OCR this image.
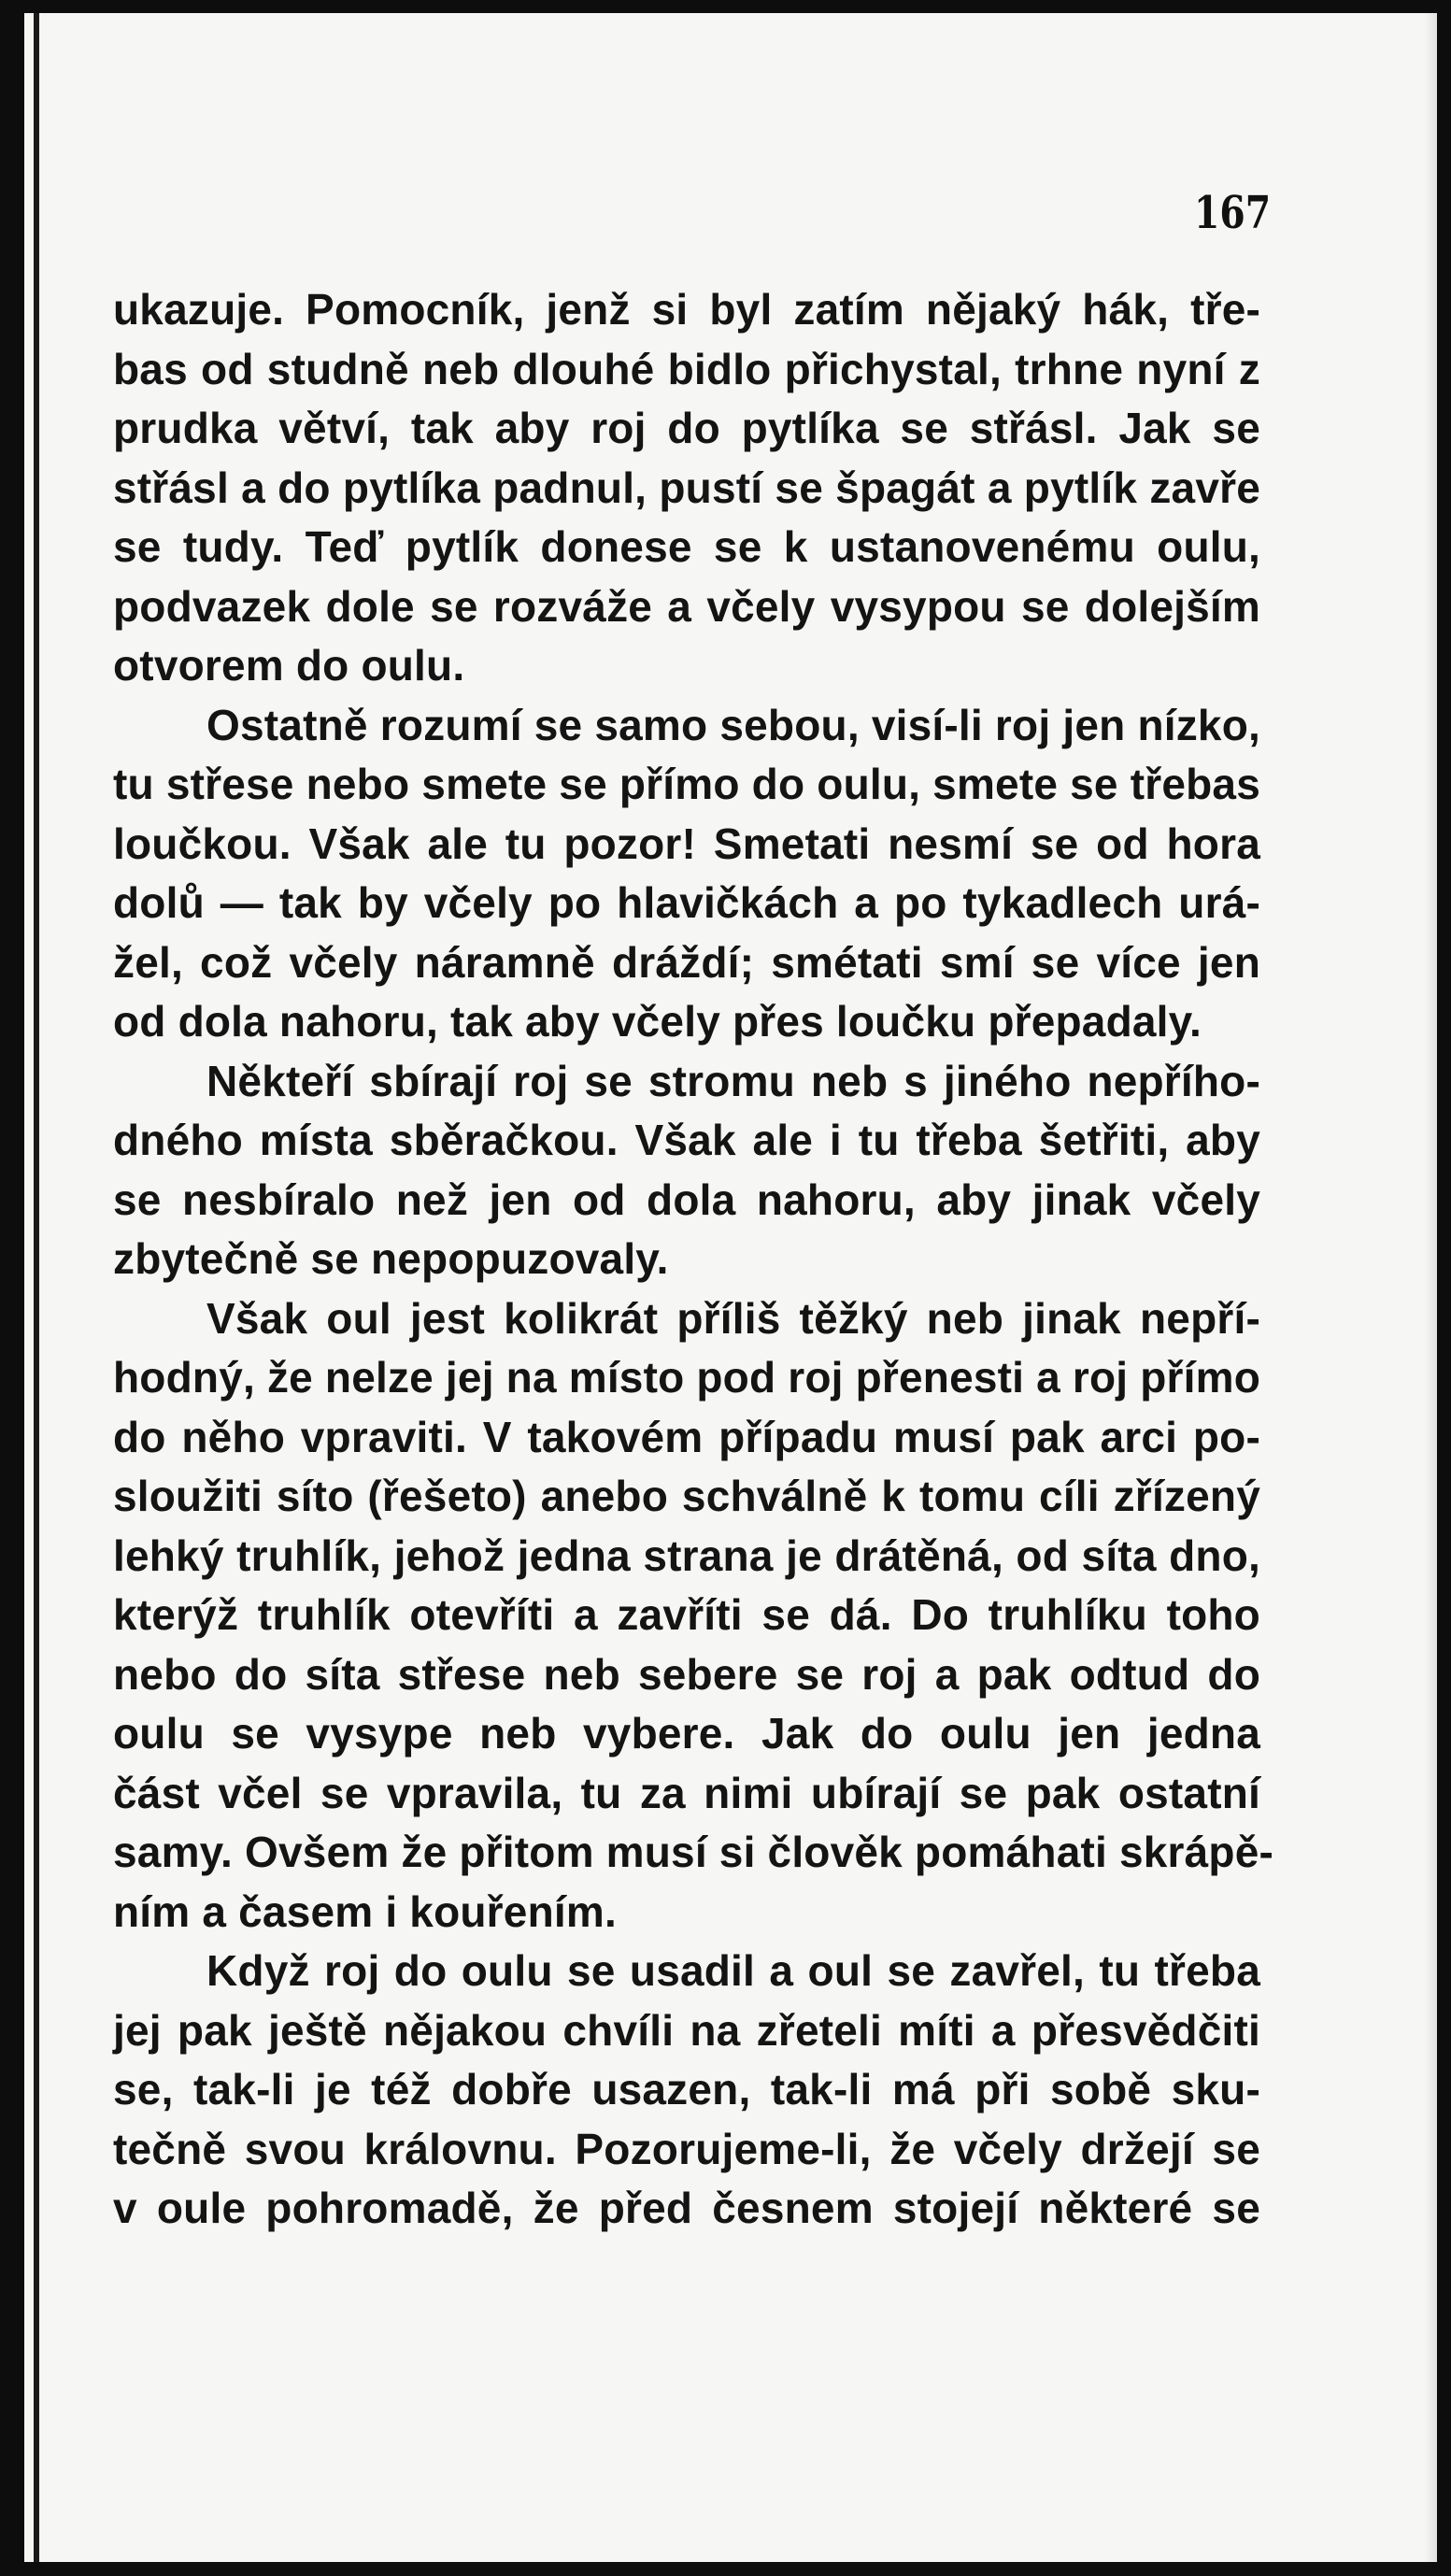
167
ukazuje. Pomocník, jenž si byl zatím nějaký hák, tře-
bas od studně neb dlouhé bidlo přichystal, trhne nyní z
prudka větví, tak aby roj do pytlíka se střásl. Jak se
střásl a do pytlíka padnul, pustí se špagát a pytlík zavře
se tudy. Teď pytlík donese se k ustanovenému oulu,
podvazek dole se rozváže a včely vysypou se dolejším
otvorem do oulu.
Ostatně rozumí se samo sebou, visí-li roj jen nízko,
tu střese nebo smete se přímo do oulu, smete se třebas
loučkou. Však ale tu pozor! Smetati nesmí se od hora
dolů — tak by včely po hlavičkách a po tykadlech urá-
žel, což včely náramně dráždí; smétati smí se více jen
od dola nahoru, tak aby včely přes loučku přepadaly.
Někteří sbírají roj se stromu neb s jiného nepřího-
dného místa sběračkou. Však ale i tu třeba šetřiti, aby
se nesbíralo než jen od dola nahoru, aby jinak včely
zbytečně se nepopuzovaly.
Však oul jest kolikrát příliš těžký neb jinak nepří-
hodný, že nelze jej na místo pod roj přenesti a roj přímo
do něho vpraviti. V takovém případu musí pak arci po-
sloužiti síto (řešeto) anebo schválně k tomu cíli zřízený
lehký truhlík, jehož jedna strana je drátěná, od síta dno,
kterýž truhlík otevříti a zavříti se dá. Do truhlíku toho
nebo do síta střese neb sebere se roj a pak odtud do
oulu se vysype neb vybere. Jak do oulu jen jedna
část včel se vpravila, tu za nimi ubírají se pak ostatní
samy. Ovšem že přitom musí si člověk pomáhati skrápě-
ním a časem i kouřením.
Když roj do oulu se usadil a oul se zavřel, tu třeba
jej pak ještě nějakou chvíli na zřeteli míti a přesvědčiti
se, tak-li je též dobře usazen, tak-li má při sobě sku-
tečně svou královnu. Pozorujeme-li, že včely držejí se
v oule pohromadě, že před česnem stojejí některé se
